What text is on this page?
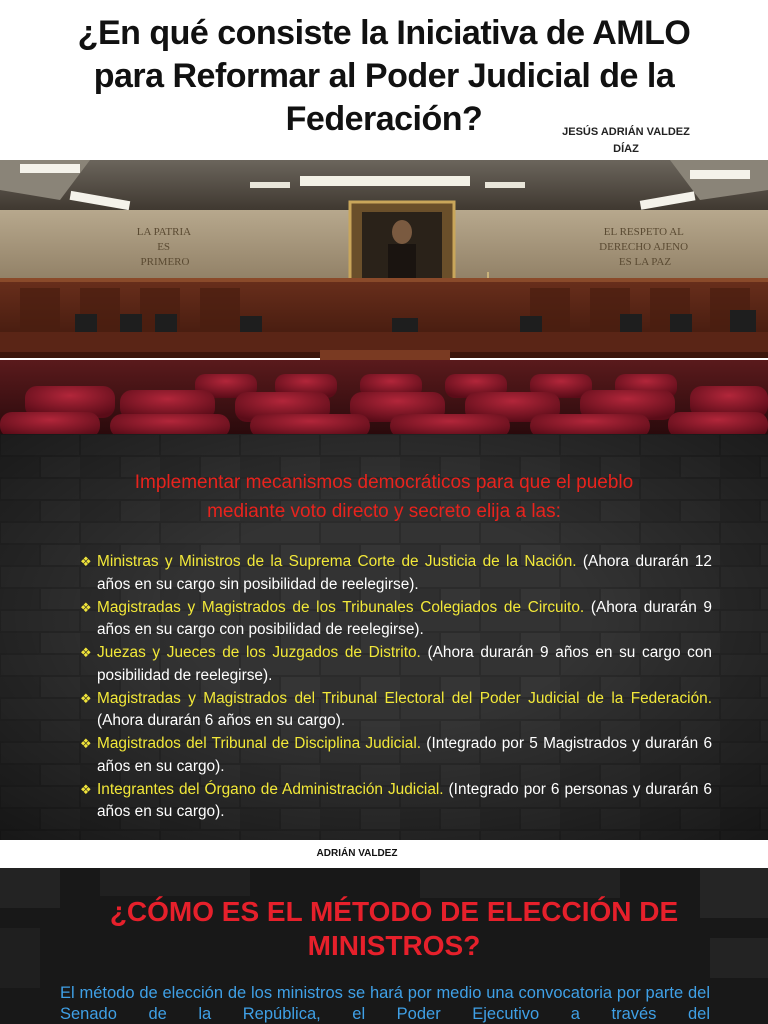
¿En qué consiste la Iniciativa de AMLO
para Reformar al Poder Judicial de la
Federación?	JESÚS ADRIÁN VALDEZ
DÍAZ
LA PATRIA ES PRIMERO
EL RESPETO AL DERECHO AJENO ES LA PAZ
Implementar mecanismos democráticos para que el pueblo
mediante voto directo y secreto elija a las:
❖ Ministras y Ministros de la Suprema Corte de Justicia de la Nación. (Ahora durarán 12 años en su cargo sin posibilidad de reelegirse).
❖ Magistradas y Magistrados de los Tribunales Colegiados de Circuito. (Ahora durarán 9 años en su cargo con posibilidad de reelegirse).
❖ Juezas y Jueces de los Juzgados de Distrito. (Ahora durarán 9 años en su cargo con posibilidad de reelegirse).
❖ Magistradas y Magistrados del Tribunal Electoral del Poder Judicial de la Federación. (Ahora durarán 6 años en su cargo).
❖ Magistrados del Tribunal de Disciplina Judicial. (Integrado por 5 Magistrados y durarán 6 años en su cargo).
❖ Integrantes del Órgano de Administración Judicial. (Integrado por 6 personas y durarán 6 años en su cargo).
ADRIÁN VALDEZ
¿CÓMO ES EL MÉTODO DE ELECCIÓN DE
MINISTROS?

El método de elección de los ministros se hará por medio una convocatoria por parte del Senado de la República, el Poder Ejecutivo a través del
